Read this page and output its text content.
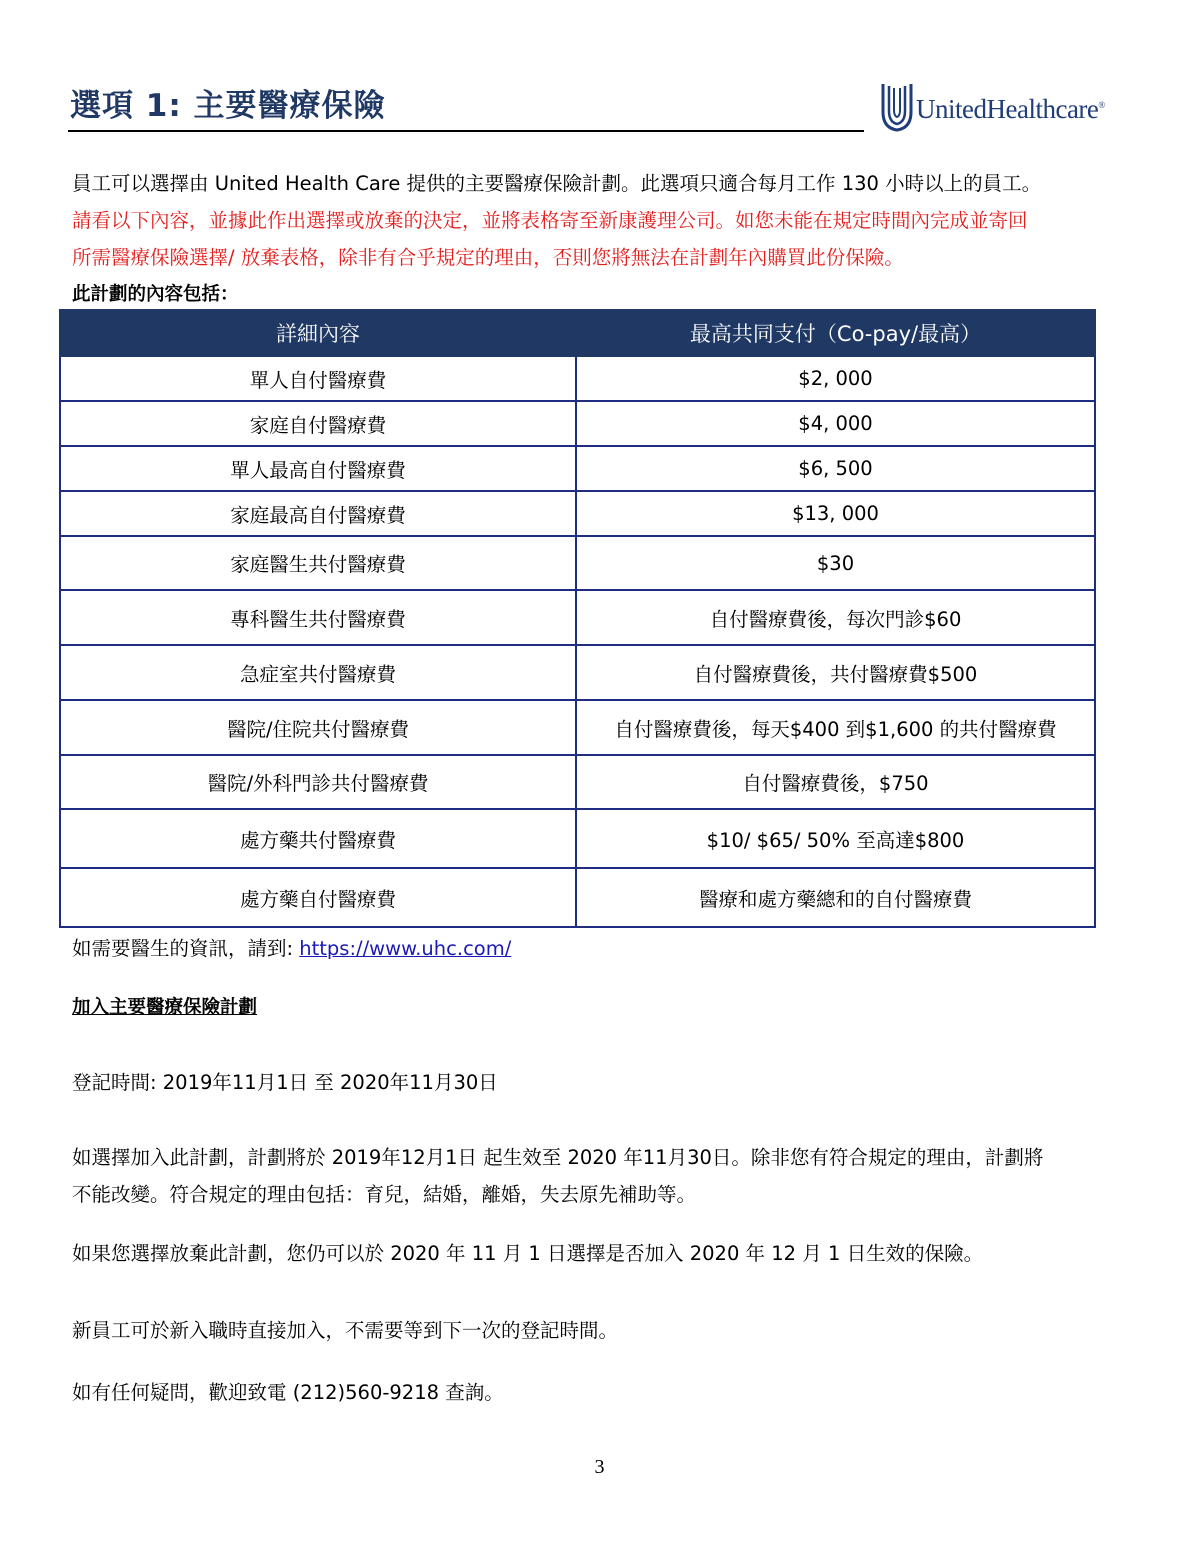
選項 1: 主要醫療保險	UnitedHealthcare®

員工可以選擇由 United Health Care 提供的主要醫療保險計劃。此選項只適合每月工作 130 小時以上的員工。

請看以下內容，並據此作出選擇或放棄的決定，並將表格寄至新康護理公司。如您未能在規定時間內完成並寄回

所需醫療保險選擇/ 放棄表格，除非有合乎規定的理由，否則您將無法在計劃年內購買此份保險。

此計劃的內容包括：

詳細內容	最高共同支付（Co-pay/最高）
單人自付醫療費	$2, 000
家庭自付醫療費	$4, 000
單人最高自付醫療費	$6, 500
家庭最高自付醫療費	$13, 000
家庭醫生共付醫療費	$30
專科醫生共付醫療費	自付醫療費後，每次門診$60
急症室共付醫療費	自付醫療費後，共付醫療費$500
醫院/住院共付醫療費	自付醫療費後，每天$400 到$1,600 的共付醫療費
醫院/外科門診共付醫療費	自付醫療費後，$750
處方藥共付醫療費	$10/ $65/ 50% 至高達$800
處方藥自付醫療費	醫療和處方藥總和的自付醫療費

如需要醫生的資訊，請到: https://www.uhc.com/

加入主要醫療保險計劃

登記時間: 2019年11月1日 至 2020年11月30日

如選擇加入此計劃，計劃將於 2019年12月1日 起生效至 2020 年11月30日。除非您有符合規定的理由，計劃將

不能改變。符合規定的理由包括：育兒，結婚，離婚，失去原先補助等。

如果您選擇放棄此計劃，您仍可以於 2020 年 11 月 1 日選擇是否加入 2020 年 12 月 1 日生效的保險。

新員工可於新入職時直接加入，不需要等到下一次的登記時間。

如有任何疑問，歡迎致電 (212)560-9218 查詢。

3
